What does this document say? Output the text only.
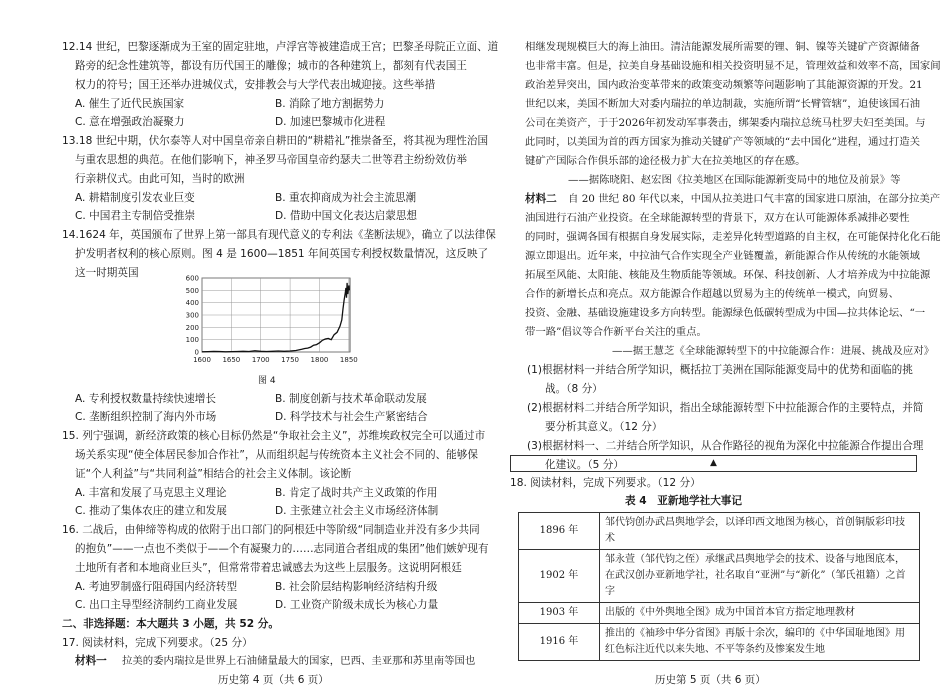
12.14 世纪，巴黎逐渐成为王室的固定驻地，卢浮宫等被建造成王宫；巴黎圣母院正立面、道
路旁的纪念性建筑等，都设有历代国王的雕像；城市的各种建筑上，都刻有代表国王
权力的符号；国王还举办进城仪式，安排教会与大学代表出城迎接。这些举措
A. 催生了近代民族国家	B. 消除了地方割据势力
C. 意在增强政治凝聚力	D. 加速巴黎城市化进程
13.18 世纪中期，伏尔泰等人对中国皇帝亲自耕田的“耕耤礼”推崇备至，将其视为理性治国
与重农思想的典范。在他们影响下，神圣罗马帝国皇帝约瑟夫二世等君主纷纷效仿举
行亲耕仪式。由此可知，当时的欧洲
A. 耕耤制度引发农业巨变	B. 重农抑商成为社会主流思潮
C. 中国君主专制倍受推崇	D. 借助中国文化表达启蒙思想
14.1624 年，英国颁布了世界上第一部具有现代意义的专利法《垄断法规》，确立了以法律保
护发明者权利的核心原则。图 4 是 1600—1851 年间英国专利授权数量情况，这反映了
这一时期英国
0
100
200
300
400
500
600
1600 1650 1700 1750 1800 1850
图 4
A. 专利授权数量持续快速增长	B. 制度创新与技术革命联动发展
C. 垄断组织控制了海内外市场	D. 科学技术与社会生产紧密结合
15. 列宁强调，新经济政策的核心目标仍然是“争取社会主义”，苏维埃政权完全可以通过市
场关系实现“使全体居民参加合作社”，从而组织起与传统资本主义社会不同的、能够保
证“个人利益”与“共同利益”相结合的社会主义体制。该论断
A. 丰富和发展了马克思主义理论	B. 肯定了战时共产主义政策的作用
C. 推动了集体农庄的建立和发展	D. 主张建立社会主义市场经济体制
16. 二战后，由伸缔等构成的依附于出口部门的阿根廷中等阶级“同制造业并没有多少共同
的抱负”——一点也不类似于——个有凝聚力的……志同道合者组成的集团”他们嫉妒现有
土地所有者和本地商业巨头”，但常常带着忠诚感去为这些上层服务。这说明阿根廷
A. 考迪罗制盛行阻碍国内经济转型	B. 社会阶层结构影响经济结构升级
C. 出口主导型经济制约工商业发展	D. 工业资产阶级未成长为核心力量
二、非选择题：本大题共 3 小题，共 52 分。
17. 阅读材料，完成下列要求。（25 分）
材料一 拉美的委内瑞拉是世界上石油储量最大的国家，巴西、圭亚那和苏里南等国也
历史第 4 页（共 6 页）
相继发现规模巨大的海上油田。清洁能源发展所需要的锂、铜、镍等关键矿产资源储备
也非常丰富。但是，拉美自身基础设施和相关投资明显不足，管理效益和效率不高，国家间
政治差异突出，国内政治变革带来的政策变动频繁等问题影响了其能源资源的开发。21
世纪以来，美国不断加大对委内瑞拉的单边制裁，实施所谓“长臂管辖”，迫使该国石油
公司在美资产，于于2026年初发动军事袭击，绑架委内瑞拉总统马杜罗夫妇至美国。与
此同时，以美国为首的西方国家为推动关键矿产等领域的“去中国化”进程，通过打造关
键矿产国际合作俱乐部的途径极力扩大在拉美地区的存在感。
——据陈晓阳、赵宏图《拉美地区在国际能源新变局中的地位及前景》等
材料二 自 20 世纪 80 年代以来，中国从拉美进口气丰富的国家进口原油，在部分拉美产
油国进行石油产业投资。在全球能源转型的背景下，双方在认可能源体系减排必要性
的同时，强调各国有根据自身发展实际，走差异化转型道路的自主权，在可能保持化化石能
源立即退出。近年来，中拉油气合作实现全产业链覆盖，新能源合作从传统的水能领域
拓展至风能、太阳能、核能及生物质能等领域。环保、科技创新、人才培养成为中拉能源
合作的新增长点和亮点。双方能源合作超越以贸易为主的传统单一模式，向贸易、
投资、金融、基础设施建设多方向转型。能源绿色低碳转型成为中国—拉共体论坛、“一
带一路”倡议等合作新平台关注的重点。
——据王慧芝《全球能源转型下的中拉能源合作：进展、挑战及应对》
(1)根据材料一并结合所学知识，概括拉丁美洲在国际能源变局中的优势和面临的挑
战。（8 分）
(2)根据材料二并结合所学知识，指出全球能源转型下中拉能源合作的主要特点，并简
要分析其意义。（12 分）
(3)根据材料一、二并结合所学知识，从合作路径的视角为深化中拉能源合作提出合理
化建议。（5 分）	▲
18. 阅读材料，完成下列要求。（12 分）
表 4　亚新地学社大事记
1896 年	邹代钧创办武昌舆地学会，以译印西文地图为核心，首创铜版彩印技术
1902 年	邹永萱（邹代钧之侄）承继武昌舆地学会的技术、设备与地图底本，在武汉创办亚新地学社，社名取自“亚洲”与“新化”（邹氏祖籍）之首字
1903 年	出版的《中外舆地全图》成为中国首本官方指定地理教材
1916 年	推出的《袖珍中华分省图》再版十余次，编印的《中华国耻地图》用红色标注近代以来失地、不平等条约及惨案发生地
历史第 5 页（共 6 页）
